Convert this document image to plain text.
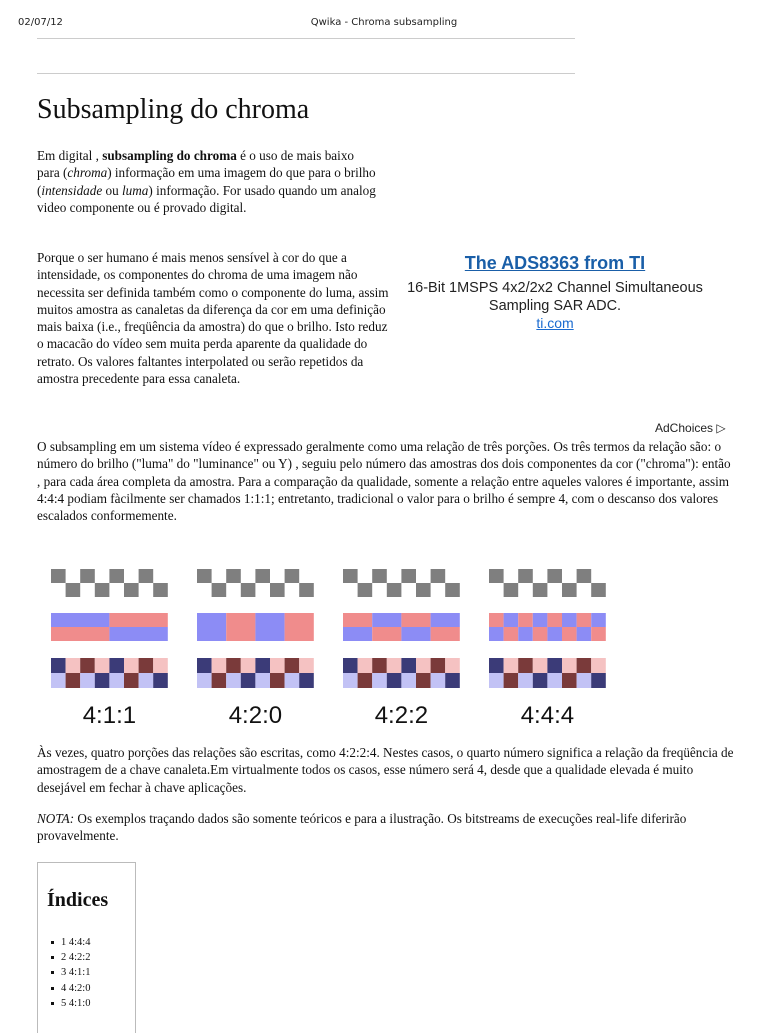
02/07/12	Qwika - Chroma subsampling
Subsampling do chroma

Em digital , subsampling do chroma é o uso de mais baixo para (chroma) informação em uma imagem do que para o brilho (intensidade ou luma) informação. For usado quando um analog video componente ou é provado digital.

Porque o ser humano é mais menos sensível à cor do que a intensidade, os componentes do chroma de uma imagem não necessita ser definida também como o componente do luma, assim muitos amostra as canaletas da diferença da cor em uma definição mais baixa (i.e., freqüência da amostra) do que o brilho. Isto reduz o macacão do vídeo sem muita perda aparente da qualidade do retrato. Os valores faltantes interpolated ou serão repetidos da amostra precedente para essa canaleta.

The ADS8363 from TI
16-Bit 1MSPS 4x2/2x2 Channel Simultaneous Sampling SAR ADC.
ti.com
AdChoices ▷

O subsampling em um sistema vídeo é expressado geralmente como uma relação de três porções. Os três termos da relação são: o número do brilho ("luma" do "luminance" ou Y) , seguiu pelo número das amostras dos dois componentes da cor ("chroma"): então , para cada área completa da amostra. Para a comparação da qualidade, somente a relação entre aqueles valores é importante, assim 4:4:4 podiam fàcilmente ser chamados 1:1:1; entretanto, tradicional o valor para o brilho é sempre 4, com o descanso dos valores escalados conformemente.

4:1:1	4:2:0	4:2:2	4:4:4

Às vezes, quatro porções das relações são escritas, como 4:2:2:4. Nestes casos, o quarto número significa a relação da freqüência de amostragem de a chave canaleta.Em virtualmente todos os casos, esse número será 4, desde que a qualidade elevada é muito desejável em fechar à chave aplicações.

NOTA: Os exemplos traçando dados são somente teóricos e para a ilustração. Os bitstreams de execuções real-life diferirão provavelmente.

Índices
1 4:4:4
2 4:2:2
3 4:1:1
4 4:2:0
5 4:1:0
